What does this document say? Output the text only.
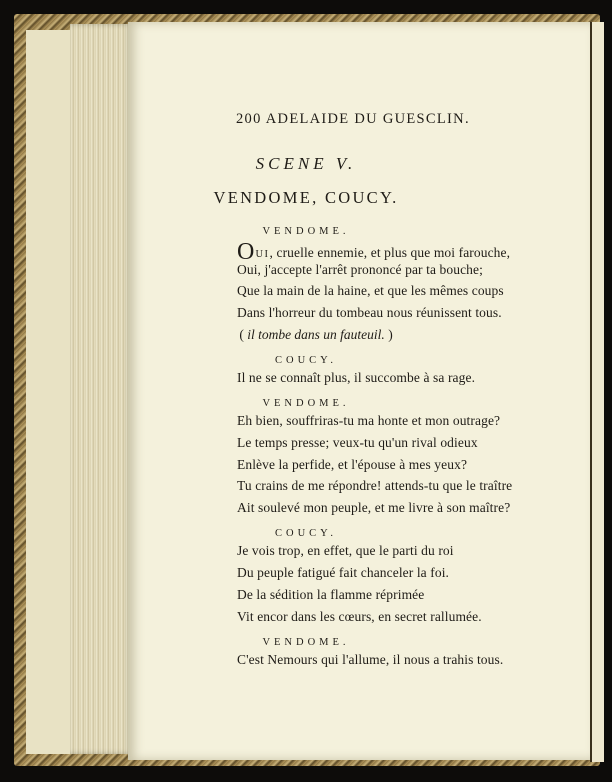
200 ADELAIDE DU GUESCLIN.
SCENE V.
VENDOME, COUCY.
VENDOME.
OUI, cruelle ennemie, et plus que moi farouche,
Oui, j'accepte l'arrêt prononcé par ta bouche;
Que la main de la haine, et que les mêmes coups
Dans l'horreur du tombeau nous réunissent tous.
( il tombe dans un fauteuil. )
COUCY.
Il ne se connaît plus, il succombe à sa rage.
VENDOME.
Eh bien, souffriras-tu ma honte et mon outrage?
Le temps presse; veux-tu qu'un rival odieux
Enlève la perfide, et l'épouse à mes yeux?
Tu crains de me répondre! attends-tu que le traître
Ait soulevé mon peuple, et me livre à son maître?
COUCY.
Je vois trop, en effet, que le parti du roi
Du peuple fatigué fait chanceler la foi.
De la sédition la flamme réprimée
Vit encor dans les cœurs, en secret rallumée.
VENDOME.
C'est Nemours qui l'allume, il nous a trahis tous.
